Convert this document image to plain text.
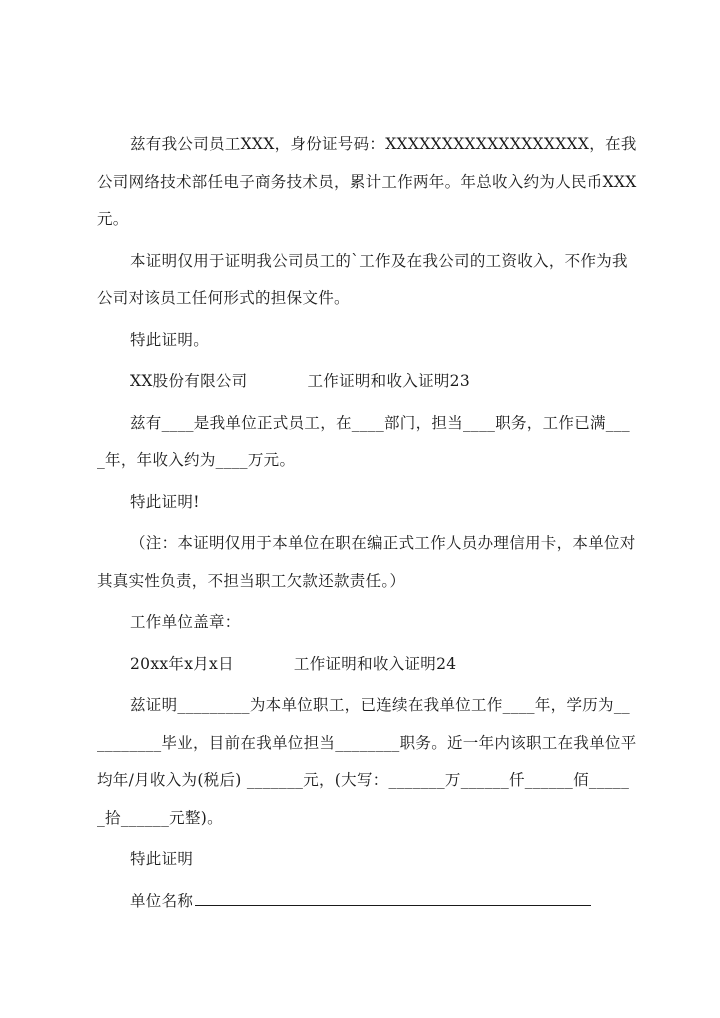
兹有我公司员工XXX，身份证号码：XXXXXXXXXXXXXXXXXX，在我公司网络技术部任电子商务技术员，累计工作两年。年总收入约为人民币XXX元。

本证明仅用于证明我公司员工的`工作及在我公司的工资收入，不作为我公司对该员工任何形式的担保文件。

特此证明。

XX股份有限公司	工作证明和收入证明23

兹有____是我单位正式员工，在____部门，担当____职务，工作已满____年，年收入约为____万元。

特此证明!

（注：本证明仅用于本单位在职在编正式工作人员办理信用卡，本单位对其真实性负责，不担当职工欠款还款责任。）

工作单位盖章：

20xx年x月x日	工作证明和收入证明24

兹证明_________为本单位职工，已连续在我单位工作____年，学历为__________毕业，目前在我单位担当________职务。近一年内该职工在我单位平均年/月收入为(税后) _______元，(大写：_______万______仟______佰______拾______元整)。

特此证明

单位名称
